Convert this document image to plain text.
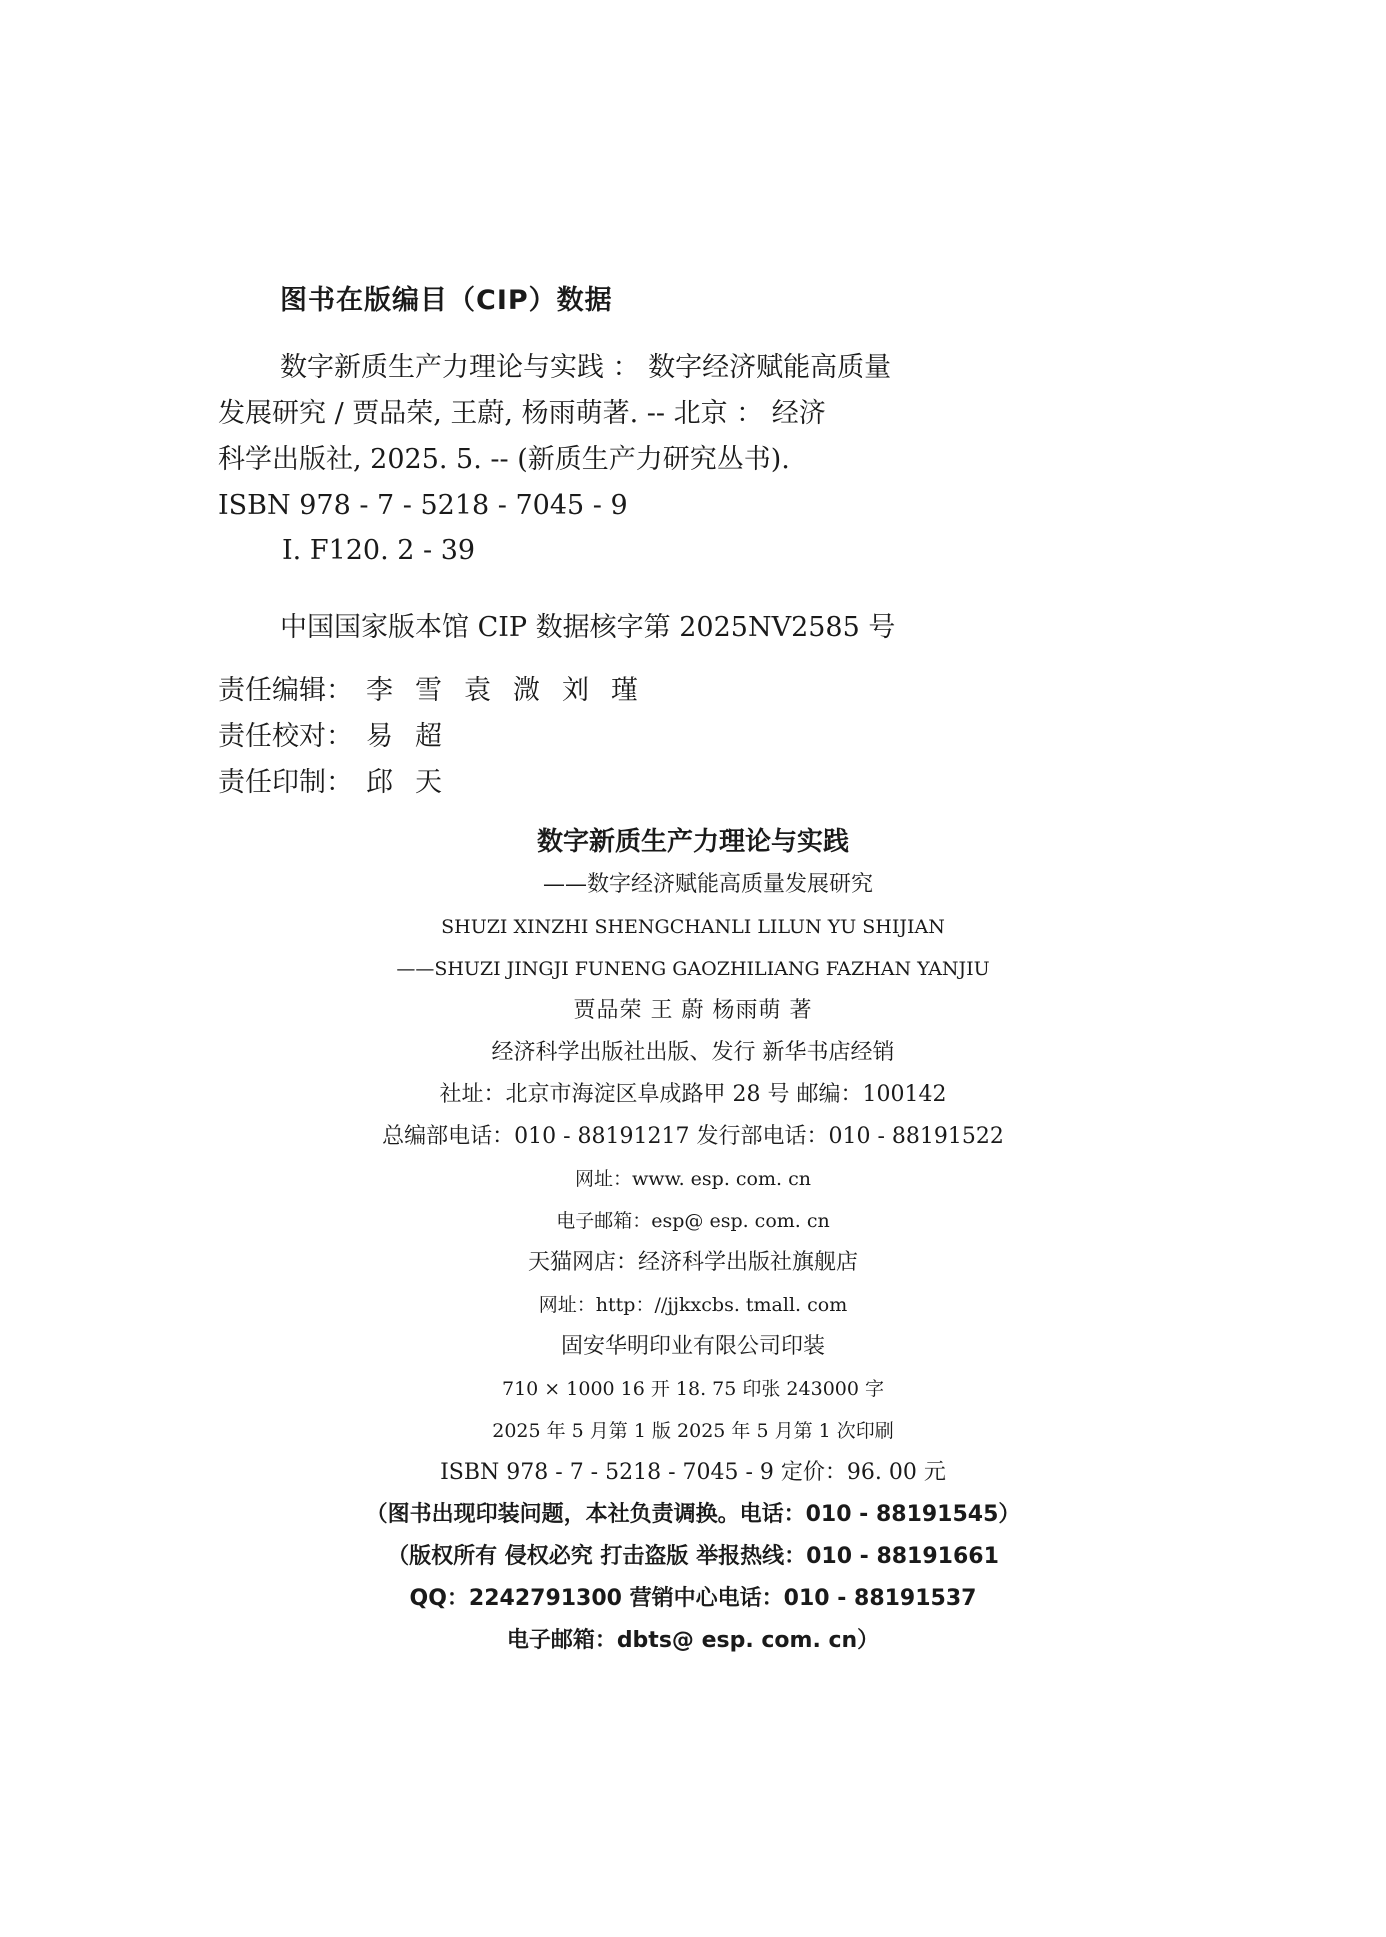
图书在版编目（CIP）数据
数字新质生产力理论与实践 ： 数字经济赋能高质量
发展研究 / 贾品荣, 王蔚, 杨雨萌著. -- 北京 ： 经济
科学出版社, 2025. 5. -- (新质生产力研究丛书).
ISBN 978 - 7 - 5218 - 7045 - 9
Ⅰ. F120. 2 - 39
中国国家版本馆 CIP 数据核字第 2025NV2585 号
责任编辑： 李雪袁溦刘瑾
责任校对： 易超
责任印制： 邱天
数字新质生产力理论与实践
——数字经济赋能高质量发展研究
SHUZI XINZHI SHENGCHANLI LILUN YU SHIJIAN
——SHUZI JINGJI FUNENG GAOZHILIANG FAZHAN YANJIU
贾品荣 王 蔚 杨雨萌 著
经济科学出版社出版、发行 新华书店经销
社址：北京市海淀区阜成路甲 28 号 邮编：100142
总编部电话：010 - 88191217 发行部电话：010 - 88191522
网址：www. esp. com. cn
电子邮箱：esp@ esp. com. cn
天猫网店：经济科学出版社旗舰店
网址：http：//jjkxcbs. tmall. com
固安华明印业有限公司印装
710 × 1000 16 开 18. 75 印张 243000 字
2025 年 5 月第 1 版 2025 年 5 月第 1 次印刷
ISBN 978 - 7 - 5218 - 7045 - 9 定价：96. 00 元
（图书出现印装问题，本社负责调换。电话：010 - 88191545）
（版权所有 侵权必究 打击盗版 举报热线：010 - 88191661
QQ：2242791300 营销中心电话：010 - 88191537
电子邮箱：dbts@ esp. com. cn）
